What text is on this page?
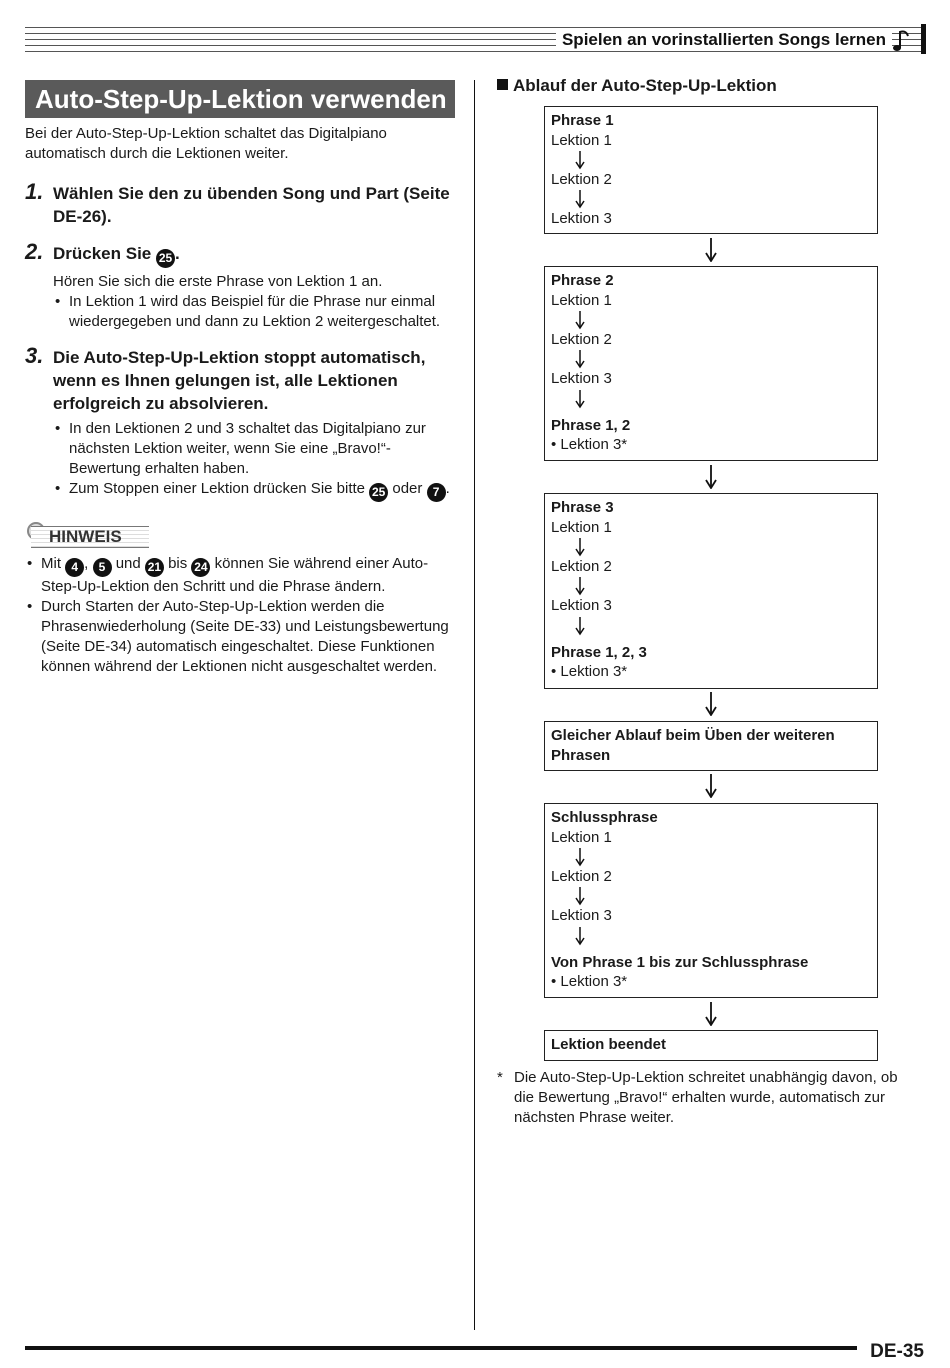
Spielen an vorinstallierten Songs lernen
Auto-Step-Up-Lektion verwenden
Bei der Auto-Step-Up-Lektion schaltet das Digitalpiano automatisch durch die Lektionen weiter.
1. Wählen Sie den zu übenden Song und Part (Seite DE-26).
2. Drücken Sie 25 .
Hören Sie sich die erste Phrase von Lektion 1 an.
• In Lektion 1 wird das Beispiel für die Phrase nur einmal wiedergegeben und dann zu Lektion 2 weitergeschaltet.
3. Die Auto-Step-Up-Lektion stoppt automatisch, wenn es Ihnen gelungen ist, alle Lektionen erfolgreich zu absolvieren.
• In den Lektionen 2 und 3 schaltet das Digitalpiano zur nächsten Lektion weiter, wenn Sie eine „Bravo!“-Bewertung erhalten haben.
• Zum Stoppen einer Lektion drücken Sie bitte 25 oder 7 .
HINWEIS
• Mit 4 , 5 und 21 bis 24 können Sie während einer Auto-Step-Up-Lektion den Schritt und die Phrase ändern.
• Durch Starten der Auto-Step-Up-Lektion werden die Phrasenwiederholung (Seite DE-33) und Leistungsbewertung (Seite DE-34) automatisch eingeschaltet. Diese Funktionen können während der Lektionen nicht ausgeschaltet werden.
Ablauf der Auto-Step-Up-Lektion
Phrase 1
Lektion 1
Lektion 2
Lektion 3
Phrase 2
Lektion 1
Lektion 2
Lektion 3
Phrase 1, 2
• Lektion 3*
Phrase 3
Lektion 1
Lektion 2
Lektion 3
Phrase 1, 2, 3
• Lektion 3*
Gleicher Ablauf beim Üben der weiteren Phrasen
Schlussphrase
Lektion 1
Lektion 2
Lektion 3
Von Phrase 1 bis zur Schlussphrase
• Lektion 3*
Lektion beendet
* Die Auto-Step-Up-Lektion schreitet unabhängig davon, ob die Bewertung „Bravo!“ erhalten wurde, automatisch zur nächsten Phrase weiter.
DE-35
